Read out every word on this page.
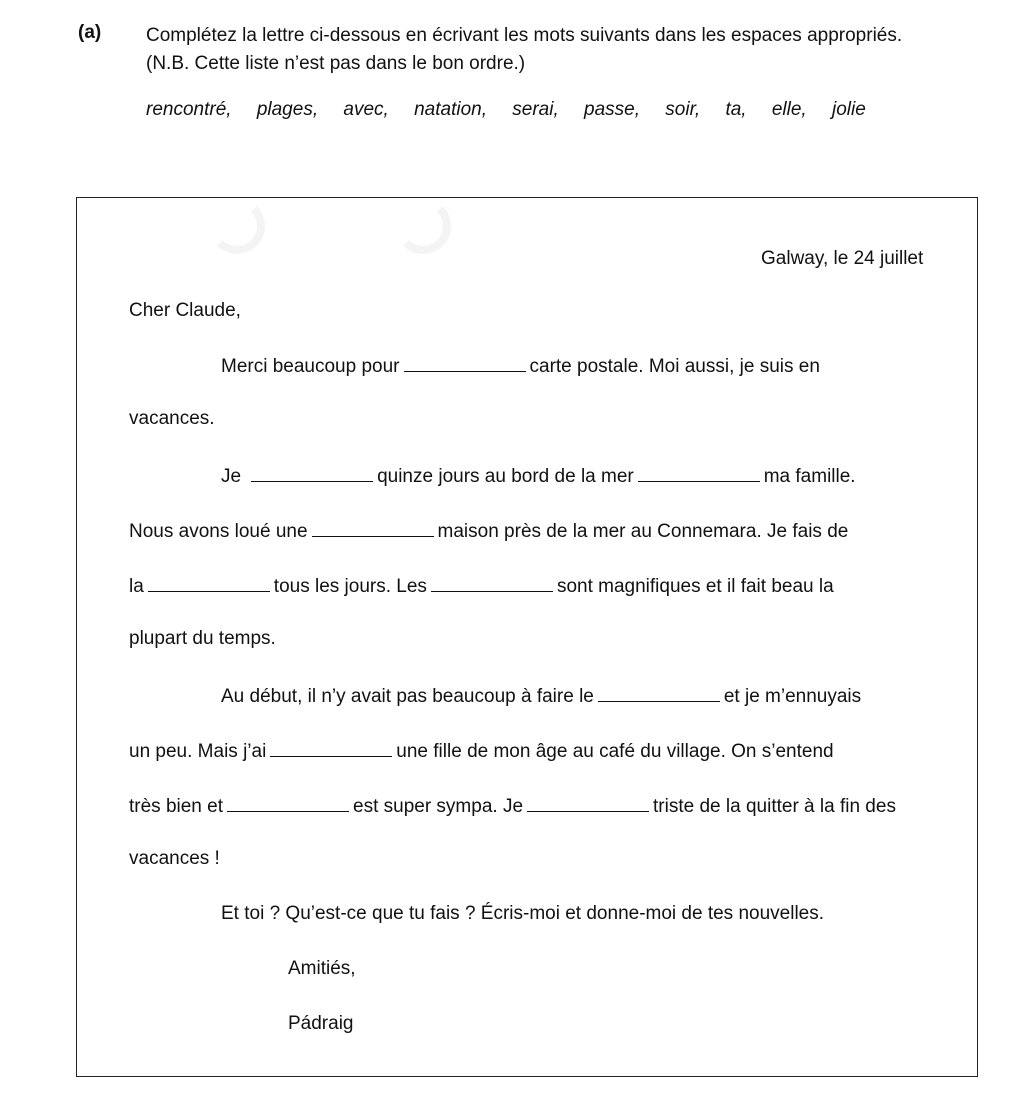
(a) Complétez la lettre ci-dessous en écrivant les mots suivants dans les espaces appropriés.
(N.B. Cette liste n’est pas dans le bon ordre.)
rencontré, plages, avec, natation, serai, passe, soir, ta, elle, jolie
Galway, le 24 juillet
Cher Claude,
Merci beaucoup pour	carte postale. Moi aussi, je suis en
vacances.
Je	quinze jours au bord de la mer	ma famille.
Nous avons loué une	maison près de la mer au Connemara. Je fais de
la	tous les jours. Les	sont magnifiques et il fait beau la
plupart du temps.
Au début, il n’y avait pas beaucoup à faire le	et je m’ennuyais
un peu. Mais j’ai	une fille de mon âge au café du village. On s’entend
très bien et	est super sympa. Je	triste de la quitter à la fin des
vacances !
Et toi ? Qu’est-ce que tu fais ? Écris-moi et donne-moi de tes nouvelles.
Amitiés,
Pádraig
